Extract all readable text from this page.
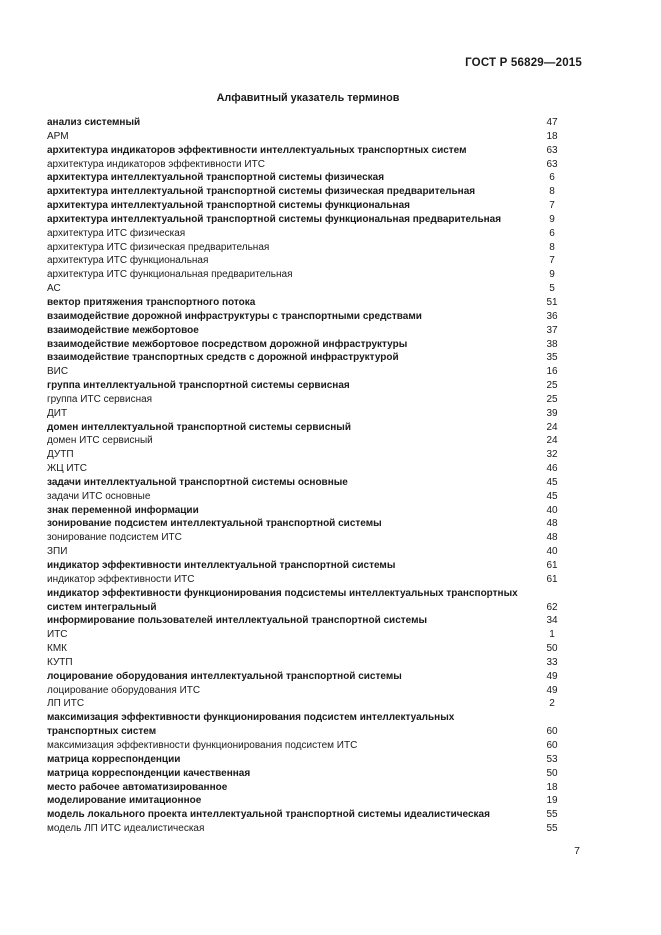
ГОСТ Р 56829—2015
Алфавитный указатель терминов
анализ системный	47
АРМ	18
архитектура индикаторов эффективности интеллектуальных транспортных систем	63
архитектура индикаторов эффективности ИТС	63
архитектура интеллектуальной транспортной системы физическая	6
архитектура интеллектуальной транспортной системы физическая предварительная	8
архитектура интеллектуальной транспортной системы функциональная	7
архитектура интеллектуальной транспортной системы функциональная предварительная	9
архитектура ИТС физическая	6
архитектура ИТС физическая предварительная	8
архитектура ИТС функциональная	7
архитектура ИТС функциональная предварительная	9
АС	5
вектор притяжения транспортного потока	51
взаимодействие дорожной инфраструктуры с транспортными средствами	36
взаимодействие межбортовое	37
взаимодействие межбортовое посредством дорожной инфраструктуры	38
взаимодействие транспортных средств с дорожной инфраструктурой	35
ВИС	16
группа интеллектуальной транспортной системы сервисная	25
группа ИТС сервисная	25
ДИТ	39
домен интеллектуальной транспортной системы сервисный	24
домен ИТС сервисный	24
ДУТП	32
ЖЦ ИТС	46
задачи интеллектуальной транспортной системы основные	45
задачи ИТС основные	45
знак переменной информации	40
зонирование подсистем интеллектуальной транспортной системы	48
зонирование подсистем ИТС	48
ЗПИ	40
индикатор эффективности интеллектуальной транспортной системы	61
индикатор эффективности ИТС	61
индикатор эффективности функционирования подсистемы интеллектуальных транспортных систем интегральный	62
информирование пользователей интеллектуальной транспортной системы	34
ИТС	1
КМК	50
КУТП	33
лоцирование оборудования интеллектуальной транспортной системы	49
лоцирование оборудования ИТС	49
ЛП ИТС	2
максимизация эффективности функционирования подсистем интеллектуальных транспортных систем	60
максимизация эффективности функционирования подсистем ИТС	60
матрица корреспонденции	53
матрица корреспонденции качественная	50
место рабочее автоматизированное	18
моделирование имитационное	19
модель локального проекта интеллектуальной транспортной системы идеалистическая	55
модель ЛП ИТС идеалистическая	55
7
